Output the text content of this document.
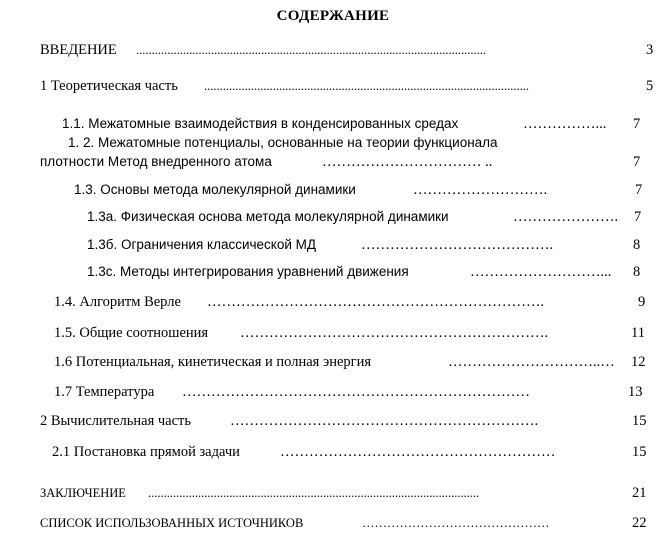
СОДЕРЖАНИЕ
ВВЕДЕНИЕ ................................................................................................................	3
1 Теоретическая часть ........................................................................................................	5
1.1. Межатомные взаимодействия в конденсированных средах	……………... 7
1. 2. Межатомные потенциалы, основанные на теории функционала
плотности Метод внедренного атома	…………………………… ..	7
1.3. Основы метода молекулярной динамики	……………………….	7
1.3а. Физическая основа метода молекулярной динамики	…………………. 7
1.3б. Ограничения классической МД	………………………………….	8
1.3с. Методы интегрирования уравнений движения	………………………... 8
1.4. Алгоритм Верле …………………………………………………………….	9
1.5. Общие соотношения ……………………………………………………….	11
1.6 Потенциальная, кинетическая и полная энергия	…………………………..… 12
1.7 Температура ………………………………………………………………	13
2 Вычислительная часть	……………………………………………………….	15
2.1 Постановка прямой задачи	…………………………………………………	15
ЗАКЛЮЧЕНИЕ ..........................................................................................................	21
СПИСОК ИСПОЛЬЗОВАННЫХ ИСТОЧНИКОВ	………………………………………	22
